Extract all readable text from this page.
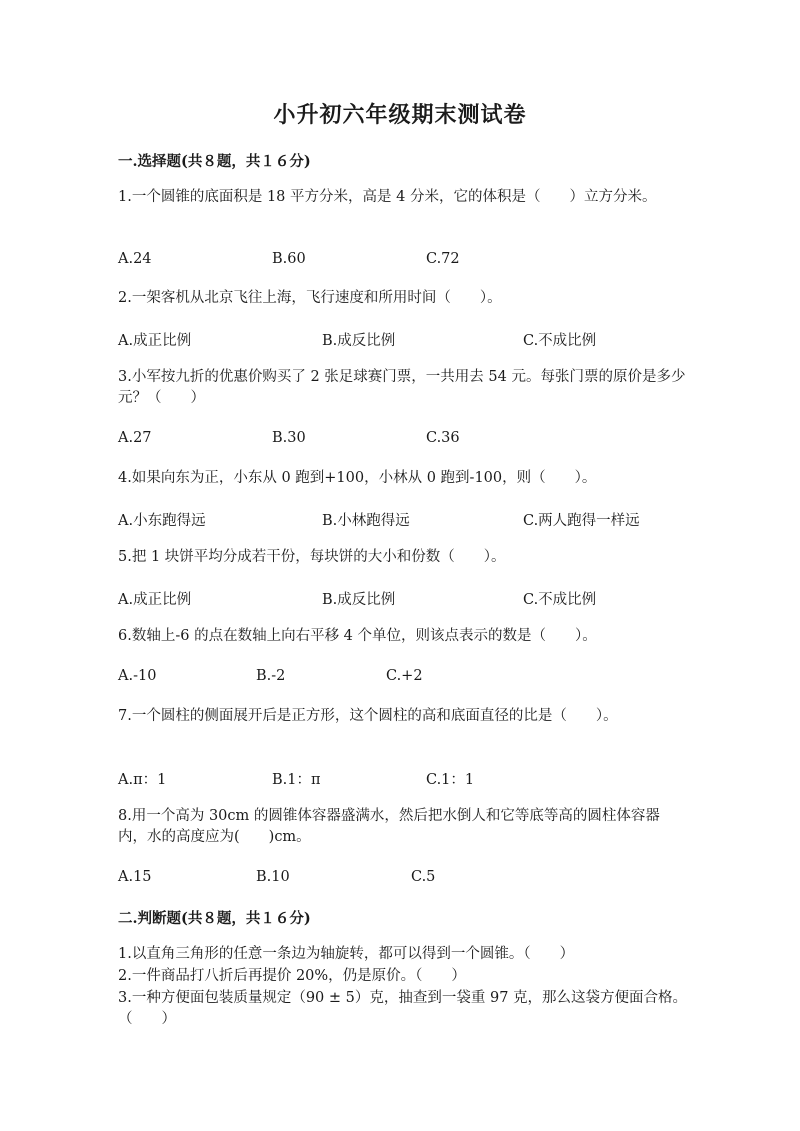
小升初六年级期末测试卷
一.选择题(共８题，共１６分)
1.一个圆锥的底面积是 18 平方分米，高是 4 分米，它的体积是（　　）立方分米。
A.24	B.60	C.72
2.一架客机从北京飞往上海，飞行速度和所用时间（　　）。
A.成正比例	B.成反比例	C.不成比例
3.小军按九折的优惠价购买了 2 张足球赛门票，一共用去 54 元。每张门票的原价是多少元？（　　）
A.27	B.30	C.36
4.如果向东为正，小东从 0 跑到+100，小林从 0 跑到-100，则（　　）。
A.小东跑得远	B.小林跑得远	C.两人跑得一样远
5.把 1 块饼平均分成若干份，每块饼的大小和份数（　　）。
A.成正比例	B.成反比例	C.不成比例
6.数轴上-6 的点在数轴上向右平移 4 个单位，则该点表示的数是（　　）。
A.-10	B.-2	C.+2
7.一个圆柱的侧面展开后是正方形，这个圆柱的高和底面直径的比是（　　）。
A.π：1	B.1：π	C.1：1
8.用一个高为 30cm 的圆锥体容器盛满水，然后把水倒人和它等底等高的圆柱体容器内，水的高度应为(　　)cm。
A.15	B.10	C.5
二.判断题(共８题，共１６分)
1.以直角三角形的任意一条边为轴旋转，都可以得到一个圆锥。（　　）
2.一件商品打八折后再提价 20%，仍是原价。（　　）
3.一种方便面包装质量规定（90 ± 5）克，抽查到一袋重 97 克，那么这袋方便面合格。　　（　　）
